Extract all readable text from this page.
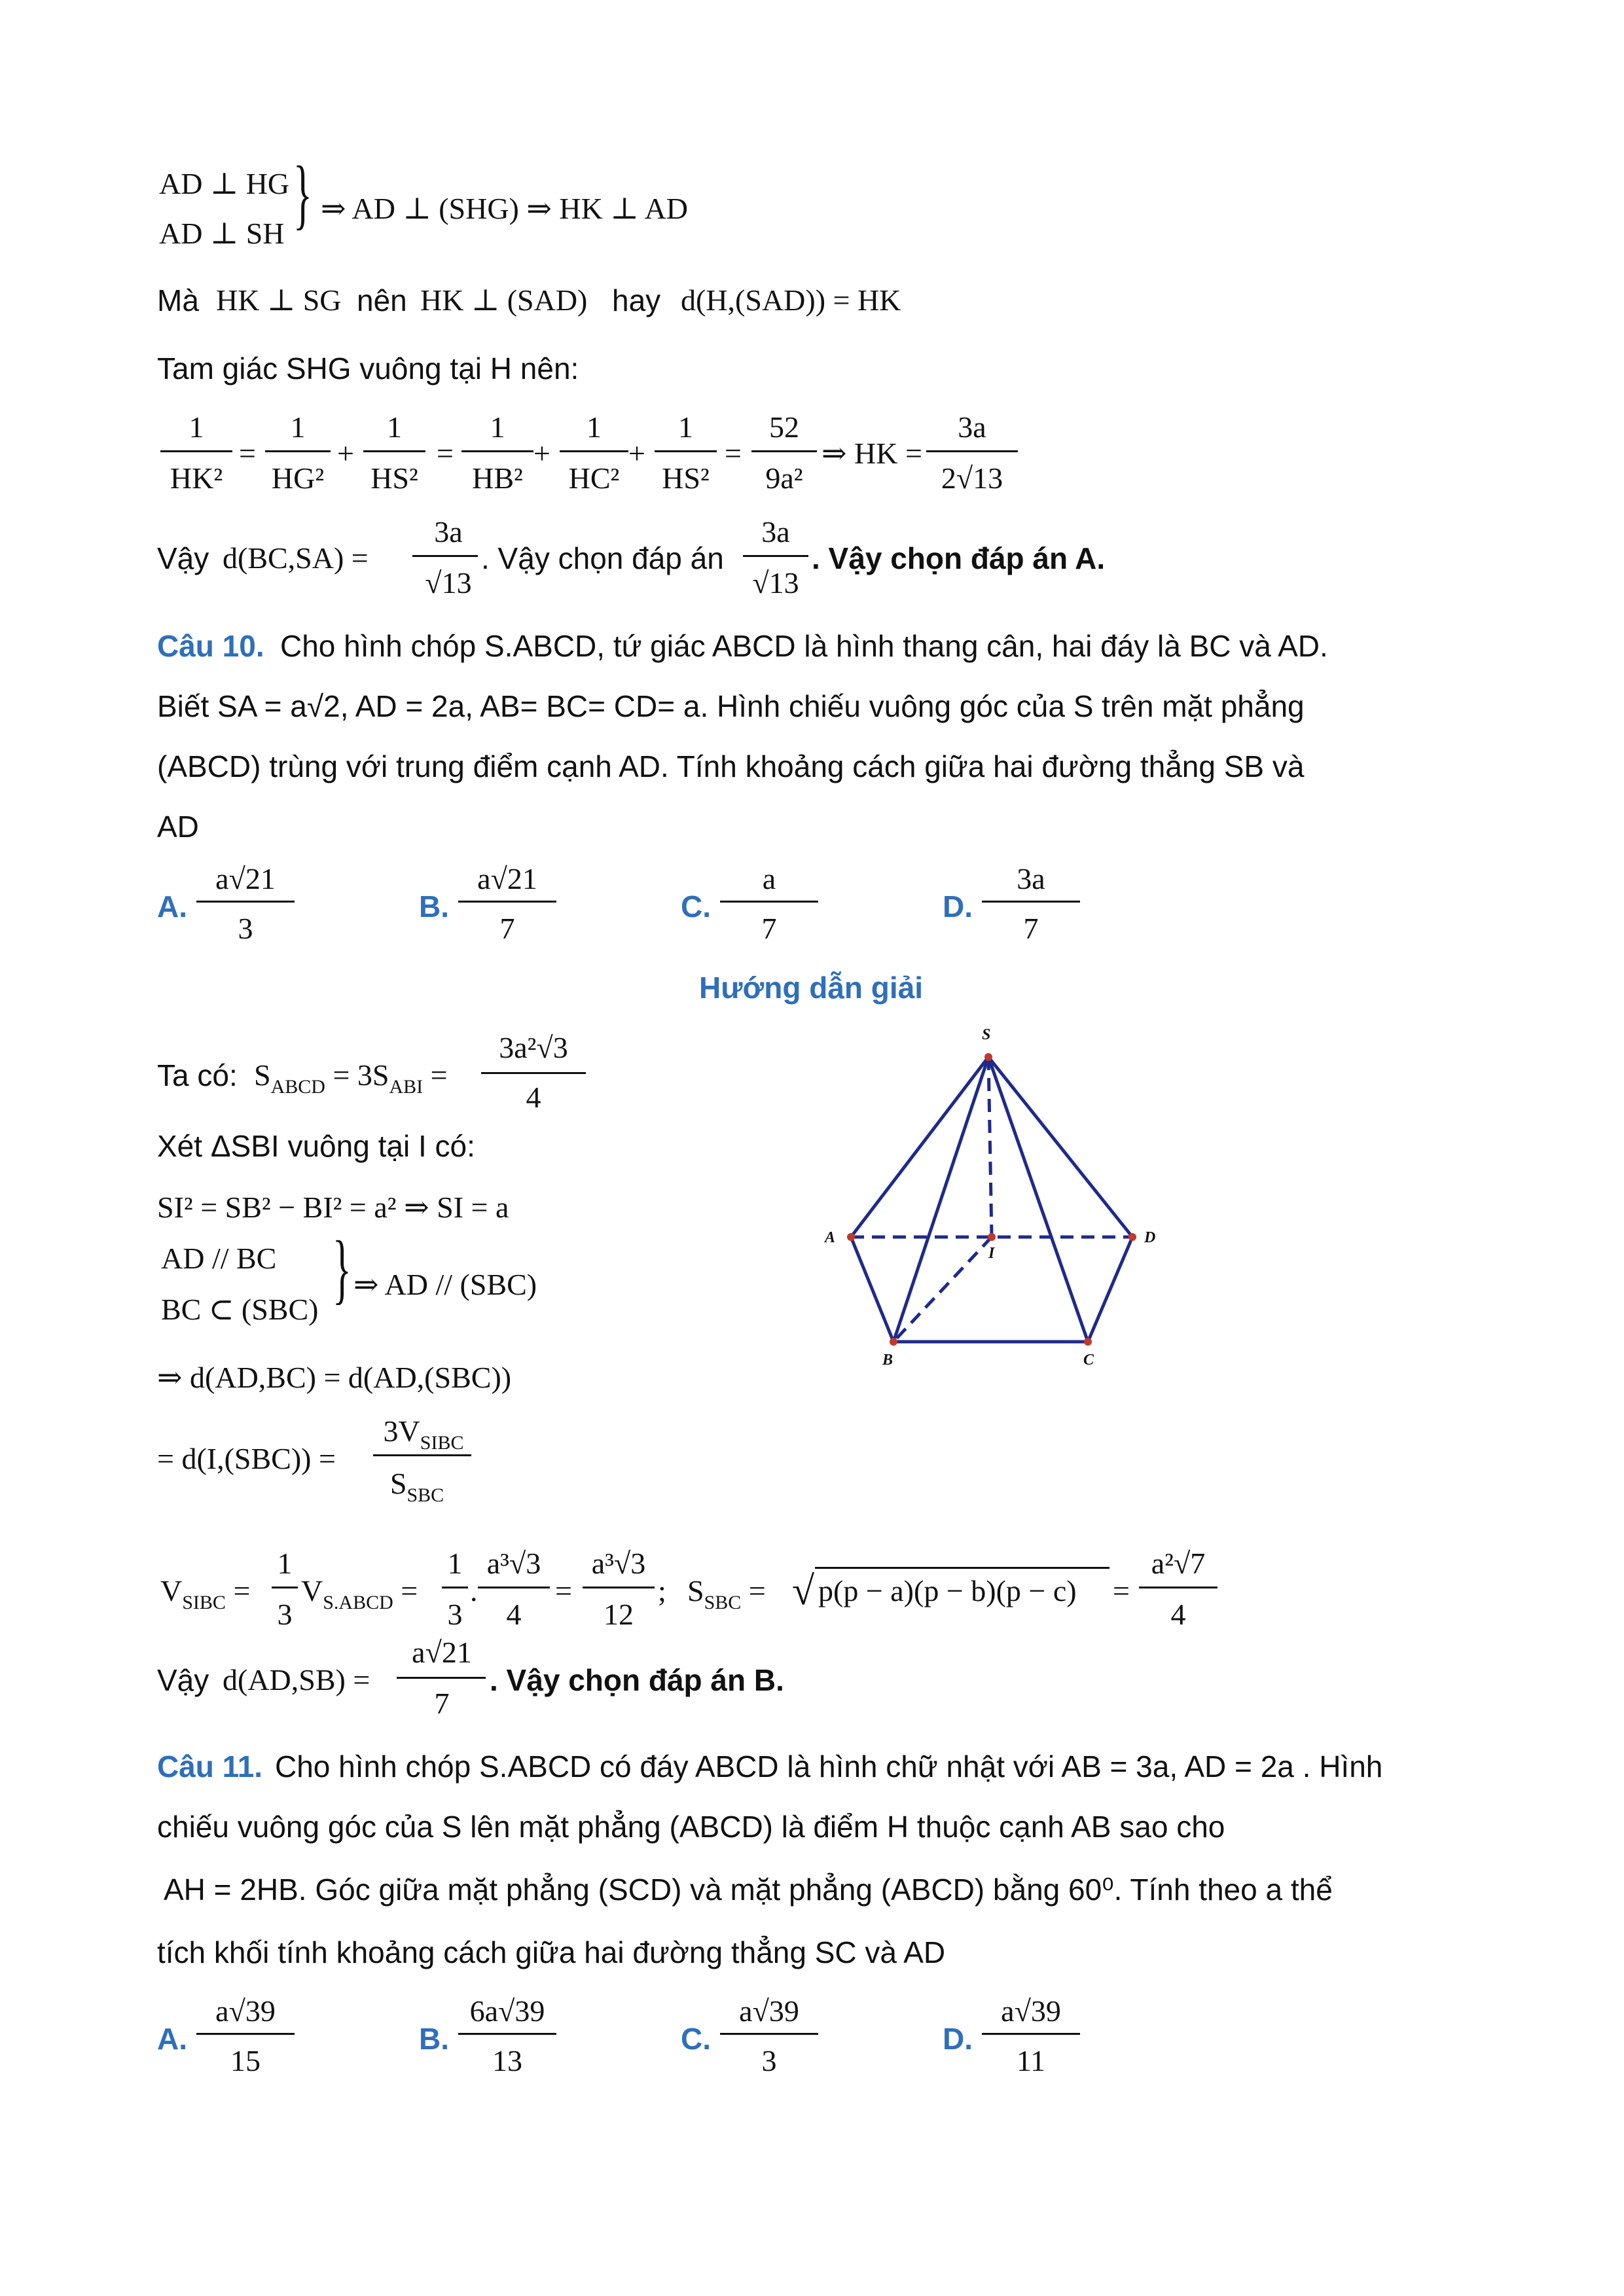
AD ⊥ HG
AD ⊥ SH } ⇒ AD ⊥ (SHG) ⇒ HK ⊥ AD
Mà HK ⊥ SG nên HK ⊥ (SAD) hay d(H,(SAD)) = HK
Tam giác SHG vuông tại H nên:
1
HK²
1
HG²
1
HS²
1
HB²
1
HC²
1
HS²
52
9a²
=	+	=	+	+	=	⇒ HK =
3a
2√13
Vậy d(BC,SA) =
3a
√13
. Vậy chọn đáp án
3a
√13
. Vậy chọn đáp án A.
Câu 10. Cho hình chóp S.ABCD, tứ giác ABCD là hình thang cân, hai đáy là BC và AD.
Biết SA = a√2, AD = 2a, AB= BC= CD= a. Hình chiếu vuông góc của S trên mặt phẳng
(ABCD) trùng với trung điểm cạnh AD. Tính khoảng cách giữa hai đường thẳng SB và
AD
A.
a√21
3
B.
a√21
7
C.
a
7
D.
3a
7
Hướng dẫn giải
Ta có: $S_{ABCD} = 3S_{ABI}$ =
3a²√3
4
Xét ΔSBI vuông tại I có:
SI² = SB² − BI² = a² ⇒ SI = a
AD // BC
BC ⊂ (SBC) } ⇒ AD // (SBC)
⇒ d(AD,BC) = d(AD,(SBC))
= d(I,(SBC)) =
$3V_{SIBC}$
$S_{SBC}$
$V_{SIBC}$ =
1
3
$V_{S.ABCD}$ =
1
3
.
a³√3
4
=
a³√3
12
; $S_{SBC}$ = √ p(p − a)(p − b)(p − c) =
a²√7
4
Vậy d(AD,SB) =
a√21
7
. Vậy chọn đáp án B.
Câu 11. Cho hình chóp S.ABCD có đáy ABCD là hình chữ nhật với AB = 3a, AD = 2a . Hình
chiếu vuông góc của S lên mặt phẳng (ABCD) là điểm H thuộc cạnh AB sao cho
AH = 2HB. Góc giữa mặt phẳng (SCD) và mặt phẳng (ABCD) bằng 60⁰. Tính theo a thể
tích khối tính khoảng cách giữa hai đường thẳng SC và AD
A.
a√39
15
B.
6a√39
13
C.
a√39
3
D.
a√39
11
S
A	D
I
B	C
